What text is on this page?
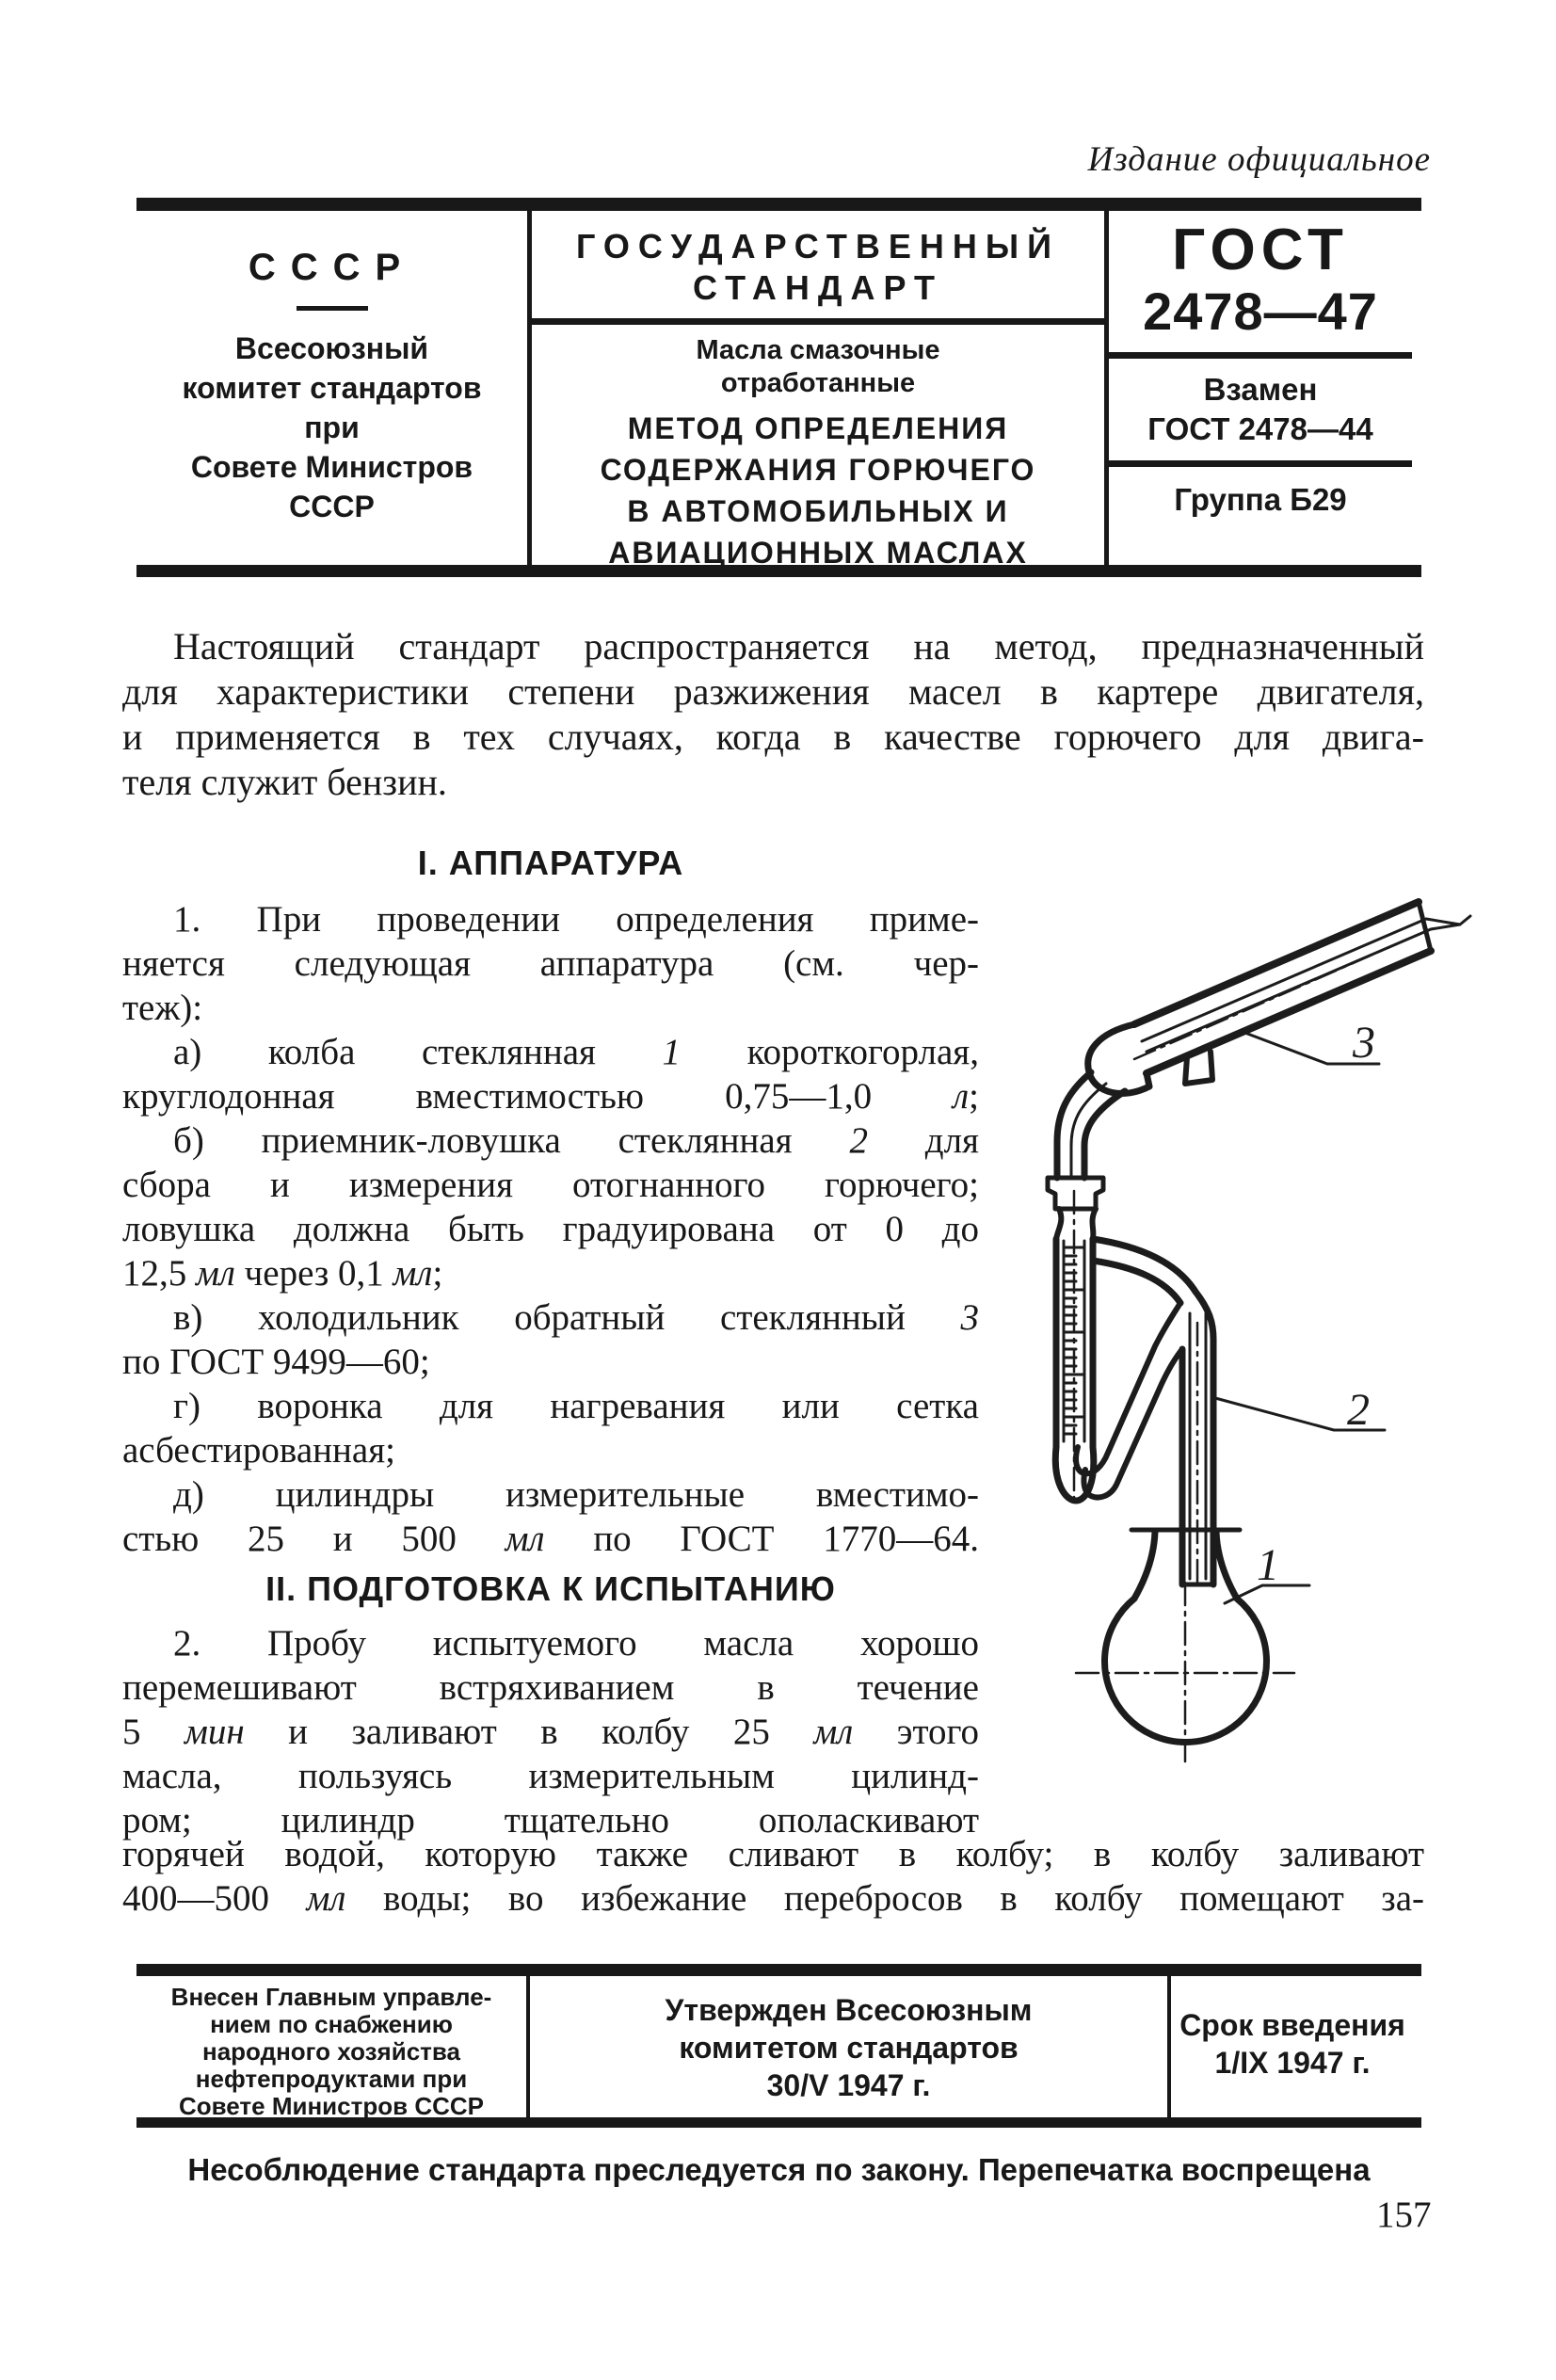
Издание официальное
СССР
Всесоюзный
комитет стандартов
при
Совете Министров
СССР
ГОСУДАРСТВЕННЫЙ
СТАНДАРТ
Масла смазочные
отработанные
МЕТОД ОПРЕДЕЛЕНИЯ
СОДЕРЖАНИЯ ГОРЮЧЕГО
В АВТОМОБИЛЬНЫХ И
АВИАЦИОННЫХ МАСЛАХ
ГОСТ
2478—47
Взамен
ГОСТ 2478—44
Группа Б29
Настоящий стандарт распространяется на метод, предназначенный
для характеристики степени разжижения масел в картере двигателя,
и применяется в тех случаях, когда в качестве горючего для двига-
теля служит бензин.
I. АППАРАТУРА
1. При проведении определения приме-
няется следующая аппаратура (см. чер-
теж):
а) колба стеклянная 1 короткогорлая,
круглодонная вместимостью 0,75—1,0 л;
б) приемник-ловушка стеклянная 2 для
сбора и измерения отогнанного горючего;
ловушка должна быть градуирована от 0 до
12,5 мл через 0,1 мл;
в) холодильник обратный стеклянный 3
по ГОСТ 9499—60;
г) воронка для нагревания или сетка
асбестированная;
д) цилиндры измерительные вместимо-
стью 25 и 500 мл по ГОСТ 1770—64.
II. ПОДГОТОВКА К ИСПЫТАНИЮ
2. Пробу испытуемого масла хорошо
перемешивают встряхиванием в течение
5 мин и заливают в колбу 25 мл этого
масла, пользуясь измерительным цилинд-
ром; цилиндр тщательно ополаскивают
горячей водой, которую также сливают в колбу; в колбу заливают
400—500 мл воды; во избежание перебросов в колбу помещают за-
3
2
1
Внесен Главным управле-
нием по снабжению
народного хозяйства
нефтепродуктами при
Совете Министров СССР
Утвержден Всесоюзным
комитетом стандартов
30/V 1947 г.
Срок введения
1/IX 1947 г.
Несоблюдение стандарта преследуется по закону. Перепечатка воспрещена
157
